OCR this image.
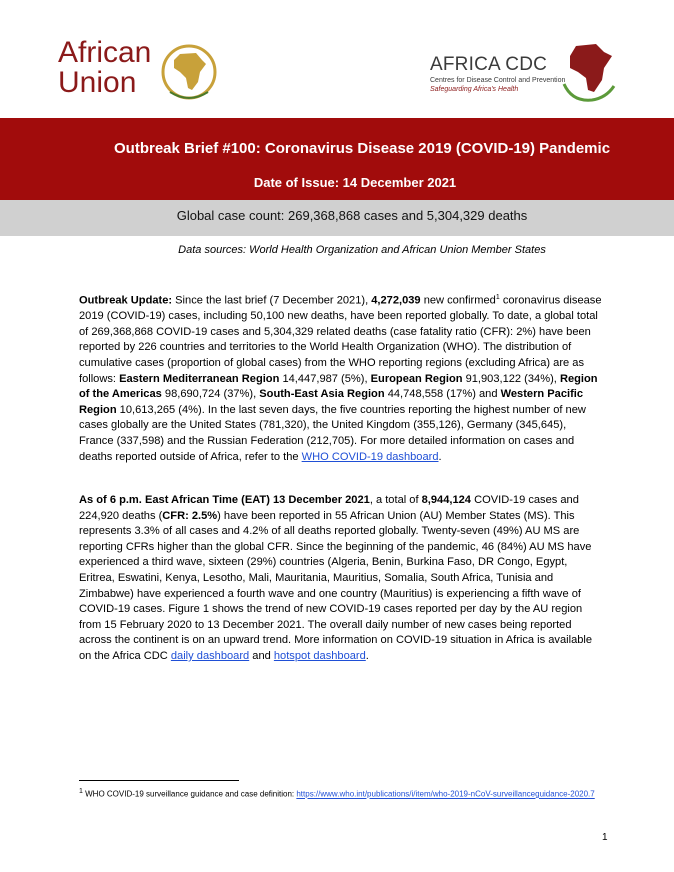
African
Union
AFRICA CDC
Centres for Disease Control and Prevention
Safeguarding Africa's Health
Outbreak Brief #100: Coronavirus Disease 2019 (COVID-19) Pandemic
Date of Issue: 14 December 2021
Global case count: 269,368,868 cases and 5,304,329 deaths
Data sources: World Health Organization and African Union Member States
Outbreak Update: Since the last brief (7 December 2021), 4,272,039 new confirmed$^1$ coronavirus disease 2019 (COVID-19) cases, including 50,100 new deaths, have been reported globally. To date, a global total of 269,368,868 COVID-19 cases and 5,304,329 related deaths (case fatality ratio (CFR): 2%) have been reported by 226 countries and territories to the World Health Organization (WHO). The distribution of cumulative cases (proportion of global cases) from the WHO reporting regions (excluding Africa) are as follows: Eastern Mediterranean Region 14,447,987 (5%), European Region 91,903,122 (34%), Region of the Americas 98,690,724 (37%), South-East Asia Region 44,748,558 (17%) and Western Pacific Region 10,613,265 (4%). In the last seven days, the five countries reporting the highest number of new cases globally are the United States (781,320), the United Kingdom (355,126), Germany (345,645), France (337,598) and the Russian Federation (212,705). For more detailed information on cases and deaths reported outside of Africa, refer to the WHO COVID-19 dashboard.
As of 6 p.m. East African Time (EAT) 13 December 2021, a total of 8,944,124 COVID-19 cases and 224,920 deaths (CFR: 2.5%) have been reported in 55 African Union (AU) Member States (MS). This represents 3.3% of all cases and 4.2% of all deaths reported globally. Twenty-seven (49%) AU MS are reporting CFRs higher than the global CFR. Since the beginning of the pandemic, 46 (84%) AU MS have experienced a third wave, sixteen (29%) countries (Algeria, Benin, Burkina Faso, DR Congo, Egypt, Eritrea, Eswatini, Kenya, Lesotho, Mali, Mauritania, Mauritius, Somalia, South Africa, Tunisia and Zimbabwe) have experienced a fourth wave and one country (Mauritius) is experiencing a fifth wave of COVID-19 cases. Figure 1 shows the trend of new COVID-19 cases reported per day by the AU region from 15 February 2020 to 13 December 2021. The overall daily number of new cases being reported across the continent is on an upward trend. More information on COVID-19 situation in Africa is available on the Africa CDC daily dashboard and hotspot dashboard.
$^1$ WHO COVID-19 surveillance guidance and case definition: https://www.who.int/publications/i/item/who-2019-nCoV-surveillanceguidance-2020.7
1
